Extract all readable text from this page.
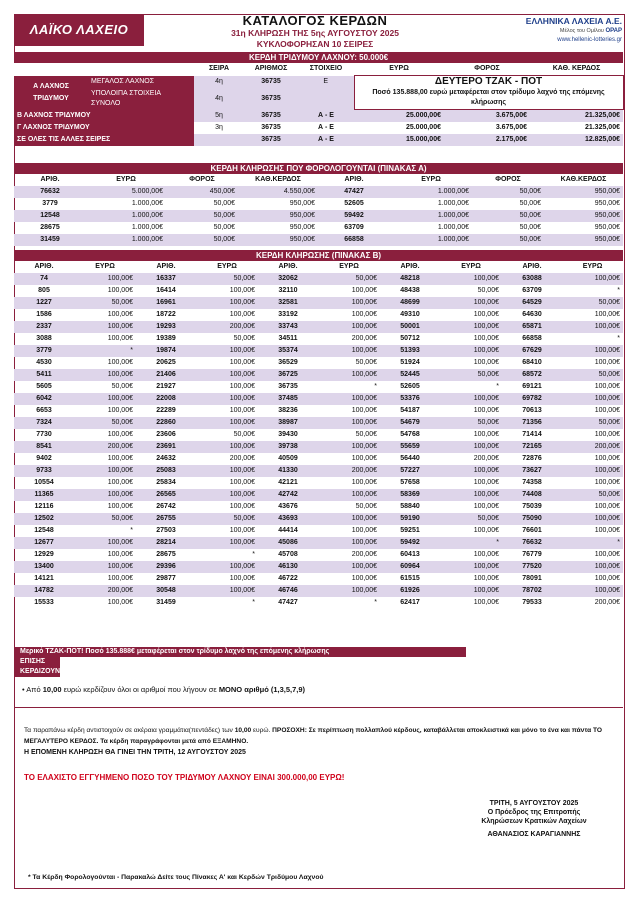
ΛΑΪΚΟ ΛΑΧΕΙΟ
ΚΑΤΑΛΟΓΟΣ ΚΕΡΔΩΝ
31η ΚΛΗΡΩΣΗ ΤΗΣ 5ης ΑΥΓΟΥΣΤΟΥ 2025
ΚΥΚΛΟΦΟΡΗΣΑΝ 10 ΣΕΙΡΕΣ
ΕΛΛΗΝΙΚΑ ΛΑΧΕΙΑ Α.Ε.
Μέλος του Ομίλου OPAP
www.hellenic-lotteries.gr
ΚΕΡΔΗ ΤΡΙΔΥΜΟΥ ΛΑΧΝΟΥ: 50.000€
		ΣΕΙΡΑ	ΑΡΙΘΜΟΣ	ΣΤΟΙΧΕΙΟ	ΕΥΡΩ	ΦΟΡΟΣ	ΚΑΘ. ΚΕΡΔΟΣ
Α ΛΑΧΝΟΣ ΤΡΙΔΥΜΟΥ	ΜΕΓΑΛΟΣ ΛΑΧΝΟΣ	4η	36735	Ε	ΔΕΥΤΕΡΟ ΤΖΑΚ - ΠΟΤ
Ποσό 135.888,00 ευρώ μεταφέρεται στον τρίδυμο λαχνό της επόμενης κλήρωσης		

	ΥΠΟΛΟΙΠΑ ΣΤΟΙΧΕΙΑ ΣΥΝΟΛΟ	4η	36735				
Β ΛΑΧΝΟΣ ΤΡΙΔΥΜΟΥ		5η	36735	Α - Ε	25.000,00€	3.675,00€	21.325,00€
Γ ΛΑΧΝΟΣ ΤΡΙΔΥΜΟΥ		3η	36735	Α - Ε	25.000,00€	3.675,00€	21.325,00€
ΣΕ ΟΛΕΣ ΤΙΣ ΑΛΛΕΣ ΣΕΙΡΕΣ			36735	Α - Ε	15.000,00€	2.175,00€	12.825,00€
ΚΕΡΔΗ ΚΛΗΡΩΣΗΣ ΠΟΥ ΦΟΡΟΛΟΓΟΥΝΤΑΙ (ΠΙΝΑΚΑΣ Α)
ΑΡΙΘ.	ΕΥΡΩ	ΦΟΡΟΣ	ΚΑΘ.ΚΕΡΔΟΣ	ΑΡΙΘ.	ΕΥΡΩ	ΦΟΡΟΣ	ΚΑΘ.ΚΕΡΔΟΣ
76632	5.000,00€	450,00€	4.550,00€	47427	1.000,00€	50,00€	950,00€
3779	1.000,00€	50,00€	950,00€	52605	1.000,00€	50,00€	950,00€
12548	1.000,00€	50,00€	950,00€	59492	1.000,00€	50,00€	950,00€
28675	1.000,00€	50,00€	950,00€	63709	1.000,00€	50,00€	950,00€
31459	1.000,00€	50,00€	950,00€	66858	1.000,00€	50,00€	950,00€
ΚΕΡΔΗ ΚΛΗΡΩΣΗΣ (ΠΙΝΑΚΑΣ Β)
ΑΡΙΘ.	ΕΥΡΩ	ΑΡΙΘ.	ΕΥΡΩ	ΑΡΙΘ.	ΕΥΡΩ	ΑΡΙΘ.	ΕΥΡΩ	ΑΡΙΘ.	ΕΥΡΩ
74	100,00€	16337	50,00€	32062	50,00€	48218	100,00€	63088	100,00€
805	100,00€	16414	100,00€	32110	100,00€	48438	50,00€	63709	*
1227	50,00€	16961	100,00€	32581	100,00€	48699	100,00€	64529	50,00€
1586	100,00€	18722	100,00€	33192	100,00€	49310	100,00€	64630	100,00€
2337	100,00€	19293	200,00€	33743	100,00€	50001	100,00€	65871	100,00€
3088	100,00€	19389	50,00€	34511	200,00€	50712	100,00€	66858	*
3779	*	19874	100,00€	35374	100,00€	51393	100,00€	67629	100,00€
4530	100,00€	20625	100,00€	36529	50,00€	51924	100,00€	68410	100,00€
5411	100,00€	21406	100,00€	36725	100,00€	52445	50,00€	68572	50,00€
5605	50,00€	21927	100,00€	36735	*	52605	*	69121	100,00€
6042	100,00€	22008	100,00€	37485	100,00€	53376	100,00€	69782	100,00€
6653	100,00€	22289	100,00€	38236	100,00€	54187	100,00€	70613	100,00€
7324	50,00€	22860	100,00€	38987	100,00€	54679	50,00€	71356	50,00€
7730	100,00€	23606	50,00€	39430	50,00€	54768	100,00€	71414	100,00€
8541	200,00€	23691	100,00€	39738	100,00€	55659	100,00€	72165	200,00€
9402	100,00€	24632	200,00€	40509	100,00€	56440	200,00€	72876	100,00€
9733	100,00€	25083	100,00€	41330	200,00€	57227	100,00€	73627	100,00€
10554	100,00€	25834	100,00€	42121	100,00€	57658	100,00€	74358	100,00€
11365	100,00€	26565	100,00€	42742	100,00€	58369	100,00€	74408	50,00€
12116	100,00€	26742	100,00€	43676	50,00€	58840	100,00€	75039	100,00€
12502	50,00€	26755	50,00€	43693	100,00€	59190	50,00€	75090	100,00€
12548	*	27503	100,00€	44414	100,00€	59251	100,00€	76601	100,00€
12677	100,00€	28214	100,00€	45086	100,00€	59492	*	76632	*
12929	100,00€	28675	*	45708	200,00€	60413	100,00€	76779	100,00€
13400	100,00€	29396	100,00€	46130	100,00€	60964	100,00€	77520	100,00€
14121	100,00€	29877	100,00€	46722	100,00€	61515	100,00€	78091	100,00€
14782	200,00€	30548	100,00€	46746	100,00€	61926	100,00€	78702	100,00€
15533	100,00€	31459	*	47427	*	62417	100,00€	79533	200,00€
Μερικό ΤΖΑΚ-ΠΟΤ! Ποσό 135.888€ μεταφέρεται στον τρίδυμο λαχνό της επόμενης κλήρωσης
ΕΠΙΣΗΣ ΚΕΡΔΙΖΟΥΝ:
• Από 10,00 ευρώ κερδίζουν όλοι οι αριθμοί που λήγουν σε ΜΟΝΟ αριθμό (1,3,5,7,9)
Τα παραπάνω κέρδη αντιστοιχούν σε ακέραια γραμμάτια(πεντάδες) των 10,00 ευρώ. ΠΡΟΣΟΧΗ: Σε περίπτωση πολλαπλού κέρδους, καταβάλλεται αποκλειστικά και μόνο το ένα και πάντα ΤΟ ΜΕΓΑΛΥΤΕΡΟ ΚΕΡΔΟΣ. Τα κέρδη παραγράφονται μετά από ΕΞΑΜΗΝΟ.
Η ΕΠΟΜΕΝΗ ΚΛΗΡΩΣΗ ΘΑ ΓΙΝΕΙ ΤΗΝ ΤΡΙΤΗ, 12 ΑΥΓΟΥΣΤΟΥ 2025
ΤΟ ΕΛΑΧΙΣΤΟ ΕΓΓΥΗΜΕΝΟ ΠΟΣΟ ΤΟΥ ΤΡΙΔΥΜΟΥ ΛΑΧΝΟΥ ΕΙΝΑΙ 300.000,00 ΕΥΡΩ!
ΤΡΙΤΗ, 5 ΑΥΓΟΥΣΤΟΥ 2025
Ο Πρόεδρος της Επιτροπής
Κληρώσεων Κρατικών Λαχείων
ΑΘΑΝΑΣΙΟΣ ΚΑΡΑΓΙΑΝΝΗΣ
* Τα Κέρδη Φορολογούνται - Παρακαλώ Δείτε τους Πίνακες Α' και Κερδών Τριδύμου Λαχνού
